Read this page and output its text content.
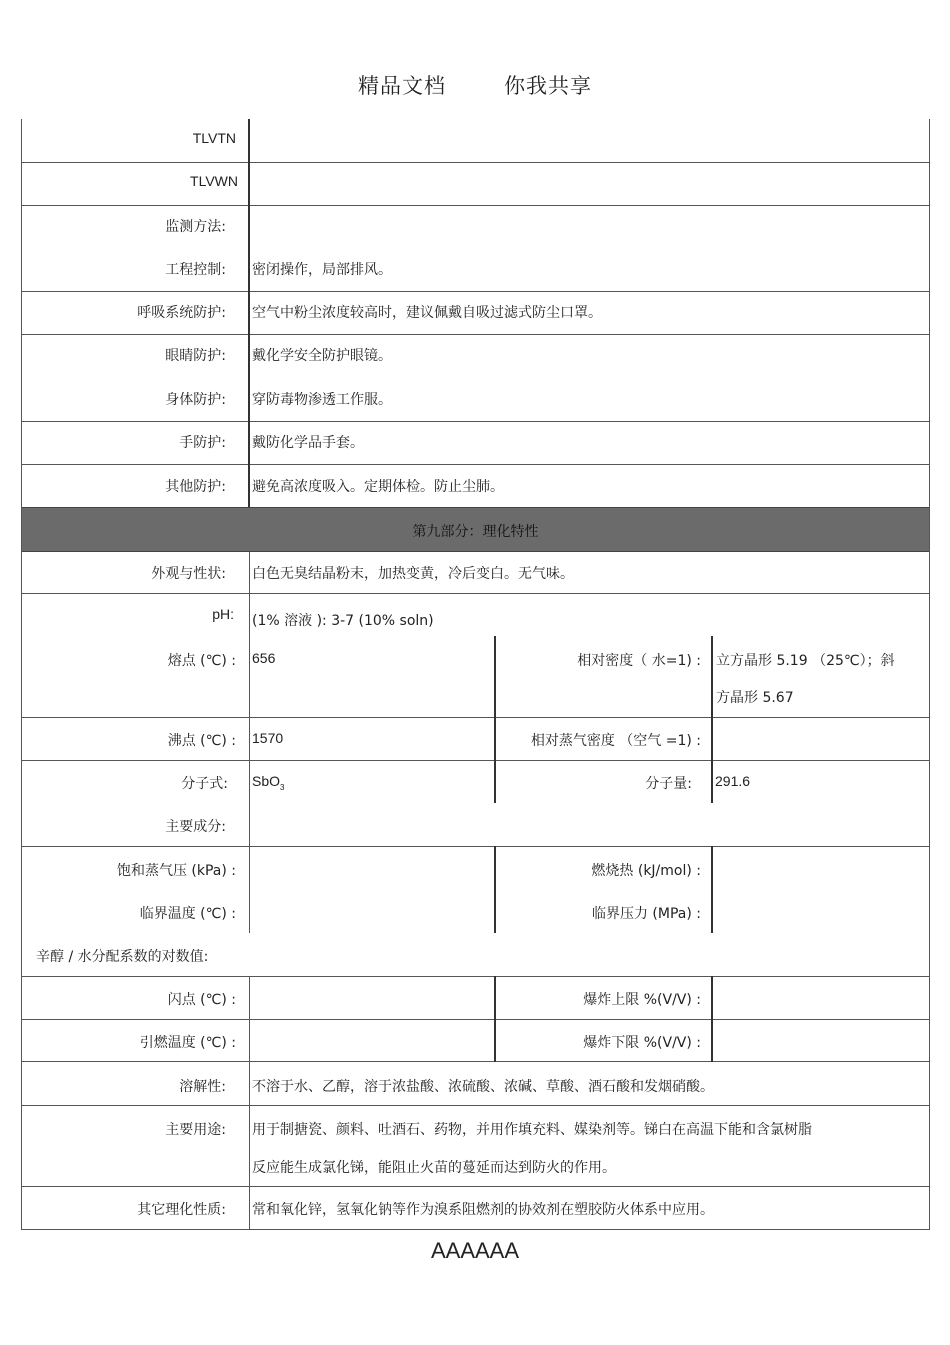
精品文档	你我共享
第九部分：理化特性
TLVTN
TLVWN
监测方法:
工程控制: 密闭操作，局部排风。
呼吸系统防护: 空气中粉尘浓度较高时，建议佩戴自吸过滤式防尘口罩。
眼睛防护: 戴化学安全防护眼镜。
身体防护: 穿防毒物渗透工作服。
手防护: 戴防化学品手套。
其他防护: 避免高浓度吸入。定期体检。防止尘肺。
外观与性状: 白色无臭结晶粉末，加热变黄，冷后变白。无气味。
pH: (1% 溶液 ): 3-7 (10% soln)
熔点 (℃) : 656	相对密度（ 水=1) : 立方晶形 5.19 （25℃）；斜
方晶形 5.67
沸点 (℃) : 1570	相对蒸气密度 （空气 =1) :
分子式: SbO$_3$	分子量: 291.6
主要成分:
饱和蒸气压 (kPa) :	燃烧热 (kJ/mol) :
临界温度 (℃) :	临界压力 (MPa) :
辛醇 / 水分配系数的对数值:
闪点 (℃) :	爆炸上限 %(V/V) :
引燃温度 (℃) :	爆炸下限 %(V/V) :
溶解性: 不溶于水、乙醇，溶于浓盐酸、浓硫酸、浓碱、草酸、酒石酸和发烟硝酸。
主要用途: 用于制搪瓷、颜料、吐酒石、药物，并用作填充料、媒染剂等。锑白在高温下能和含氯树脂
反应能生成氯化锑，能阻止火苗的蔓延而达到防火的作用。
其它理化性质: 常和氧化锌，氢氧化钠等作为溴系阻燃剂的协效剂在塑胶防火体系中应用。
AAAAAA
